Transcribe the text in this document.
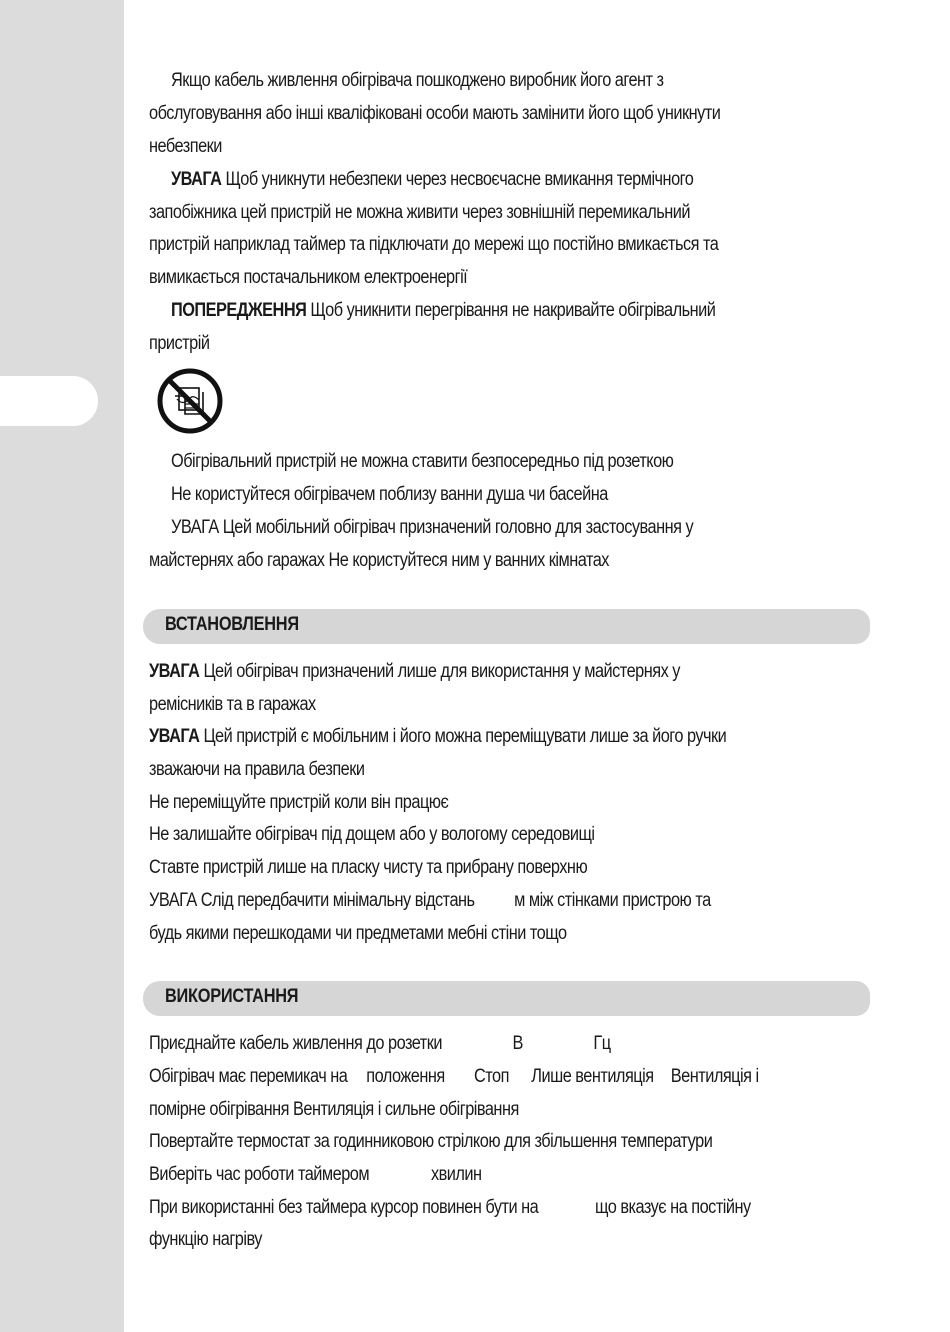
Якщо кабель живлення обігрівача пошкоджено виробник його агент з
обслуговування або інші кваліфіковані особи мають замінити його щоб уникнути
небезпеки
УВАГА Щоб уникнути небезпеки через несвоєчасне вмикання термічного
запобіжника цей пристрій не можна живити через зовнішній перемикальний
пристрій наприклад таймер та підключати до мережі що постійно вмикається та
вимикається постачальником електроенергії
ПОПЕРЕДЖЕННЯ Щоб уникнити перегрівання не накривайте обігрівальний
пристрій
Обігрівальний пристрій не можна ставити безпосередньо під розеткою
Не користуйтеся обігрівачем поблизу ванни душа чи басейна
УВАГА Цей мобільний обігрівач призначений головно для застосування у
майстернях або гаражах Не користуйтеся ним у ванних кімнатах
ВСТАНОВЛЕННЯ
УВАГА Цей обігрівач призначений лише для використання у майстернях у
ремісників та в гаражах
УВАГА Цей пристрій є мобільним і його можна переміщувати лише за його ручки
зважаючи на правила безпеки
Не переміщуйте пристрій коли він працює
Не залишайте обігрівач під дощем або у вологому середовищі
Ставте пристрій лише на пласку чисту та прибрану поверхню
УВАГА Слід передбачити мінімальну відстань м між стінками пристрою та
будь якими перешкодами чи предметами мебні стіни тощо
ВИКОРИСТАННЯ
Приєднайте кабель живлення до розетки	В	Гц
Обігрівач має перемикач на положення Стоп Лише вентиляція Вентиляція і
помірне обігрівання Вентиляція і сильне обігрівання
Повертайте термостат за годинниковою стрілкою для збільшення температури
Виберіть час роботи таймером	хвилин
При використанні без таймера курсор повинен бути на	що вказує на постійну
функцію нагріву
